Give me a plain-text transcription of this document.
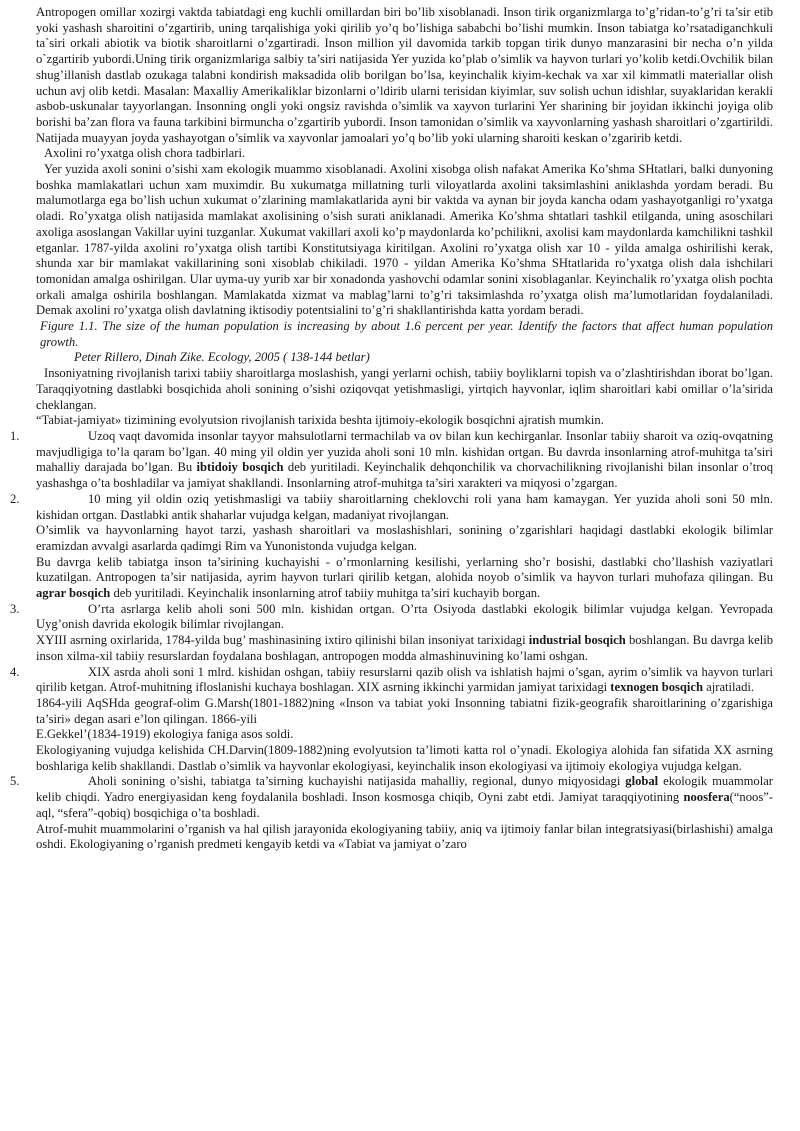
Antropogen omillar xozirgi vaktda tabiatdagi eng kuchli omillardan biri bo’lib xisoblanadi. Inson tirik organizmlarga to’g’ridan-to’g’ri ta’sir etib yoki yashash sharoitini o’zgartirib, uning tarqalishiga yoki qirilib yo’q bo’lishiga sababchi bo’lishi mumkin. Inson tabiatga ko’rsatadiganchkuli ta`siri orkali abiotik va biotik sharoitlarni o’zgartiradi. Inson million yil davomida tarkib topgan tirik dunyo manzarasini bir necha o’n yilda o`zgartirib yubordi.Uning tirik organizmlariga salbiy ta’siri natijasida Yer yuzida ko’plab o’simlik va hayvon turlari yo’kolib ketdi.Ovchilik bilan shug’illanish dastlab ozukaga talabni kondirish maksadida olib borilgan bo’lsa, keyinchalik kiyim-kechak va xar xil kimmatli materiallar olish uchun avj olib ketdi. Masalan: Maxalliy Amerikaliklar bizonlarni o’ldirib ularni terisidan kiyimlar, suv solish uchun idishlar, suyaklaridan kerakli asbob-uskunalar tayyorlangan. Insonning ongli yoki ongsiz ravishda o’simlik va xayvon turlarini Yer sharining bir joyidan ikkinchi joyiga olib borishi ba’zan flora va fauna tarkibini birmuncha o’zgartirib yubordi. Inson tamonidan o’simlik va xayvonlarning yashash sharoitlari o’zgartirildi. Natijada muayyan joyda yashayotgan o’simlik va xayvonlar jamoalari yo’q bo’lib yoki ularning sharoiti keskan o’zgaririb ketdi.

Axolini ro’yxatga olish chora tadbirlari.

Yer yuzida axoli sonini o’sishi xam ekologik muammo xisoblanadi. Axolini xisobga olish nafakat Amerika Ko’shma SHtatlari, balki dunyoning boshka mamlakatlari uchun xam muximdir. Bu xukumatga millatning turli viloyatlarda axolini taksimlashini aniklashda yordam beradi. Bu malumotlarga ega bo’lish uchun xukumat o’zlarining mamlakatlarida ayni bir vaktda va aynan bir joyda kancha odam yashayotganligi ro’yxatga oladi. Ro’yxatga olish natijasida mamlakat axolisining o’sish surati aniklanadi. Amerika Ko’shma shtatlari tashkil etilganda, uning asoschilari axoliga asoslangan Vakillar uyini tuzganlar. Xukumat vakillari axoli ko’p maydonlarda ko’pchilikni, axolisi kam maydonlarda kamchilikni tashkil etganlar. 1787-yilda axolini ro’yxatga olish tartibi Konstitutsiyaga kiritilgan. Axolini ro’yxatga olish xar 10 - yilda amalga oshirilishi kerak, shunda xar bir mamlakat vakillarining soni xisoblab chikiladi. 1970 - yildan Amerika Ko’shma SHtatlarida ro’yxatga olish dala ishchilari tomonidan amalga oshirilgan. Ular uyma-uy yurib xar bir xonadonda yashovchi odamlar sonini xisoblaganlar. Keyinchalik ro’yxatga olish pochta orkali amalga oshirila boshlangan. Mamlakatda xizmat va mablag’larni to’g’ri taksimlashda ro’yxatga olish ma’lumotlaridan foydalaniladi. Demak axolini ro’yxatga olish davlatning iktisodiy potentsialini to’g’ri shakllantirishda katta yordam beradi.

Figure 1.1. The size of the human population is increasing by about 1.6 percent per year. Identify the factors that affect human population growth.

Peter Rillero, Dinah Zike. Ecology, 2005 ( 138-144 betlar)

Insoniyatning rivojlanish tarixi tabiiy sharoitlarga moslashish, yangi yerlarni ochish, tabiiy boyliklarni topish va o’zlashtirishdan iborat bo’lgan. Taraqqiyotning dastlabki bosqichida aholi sonining o’sishi oziqovqat yetishmasligi, yirtqich hayvonlar, iqlim sharoitlari kabi omillar o’la’sirida cheklangan.

“Tabiat-jamiyat» tizimining evolyutsion rivojlanish tarixida beshta ijtimoiy-ekologik bosqichni ajratish mumkin.

1.	Uzoq vaqt davomida insonlar tayyor mahsulotlarni termachilab va ov bilan kun kechirganlar. Insonlar tabiiy sharoit va oziq-ovqatning mavjudligiga to’la qaram bo’lgan. 40 ming yil oldin yer yuzida aholi soni 10 mln. kishidan ortgan. Bu davrda insonlarning atrof-muhitga ta’siri mahalliy darajada bo’lgan. Bu ibtidoiy bosqich deb yuritiladi. Keyinchalik dehqonchilik va chorvachilikning rivojlanishi bilan insonlar o’troq yashashga o’ta boshladilar va jamiyat shakllandi. Insonlarning atrof-muhitga ta’siri xarakteri va miqyosi o’zgargan.

2.	10 ming yil oldin oziq yetishmasligi va tabiiy sharoitlarning cheklovchi roli yana ham kamaygan. Yer yuzida aholi soni 50 mln. kishidan ortgan. Dastlabki antik shaharlar vujudga kelgan, madaniyat rivojlangan.

O’simlik va hayvonlarning hayot tarzi, yashash sharoitlari va moslashishlari, sonining o’zgarishlari haqidagi dastlabki ekologik bilimlar eramizdan avvalgi asarlarda qadimgi Rim va Yunonistonda vujudga kelgan.

Bu davrga kelib tabiatga inson ta’sirining kuchayishi - o’rmonlarning kesilishi, yerlarning sho’r bosishi, dastlabki cho’llashish vaziyatlari kuzatilgan. Antropogen ta’sir natijasida, ayrim hayvon turlari qirilib ketgan, alohida noyob o’simlik va hayvon turlari muhofaza qilingan. Bu agrar bosqich deb yuritiladi. Keyinchalik insonlarning atrof tabiiy muhitga ta’siri kuchayib borgan.

3.	O’rta asrlarga kelib aholi soni 500 mln. kishidan ortgan. O’rta Osiyoda dastlabki ekologik bilimlar vujudga kelgan. Yevropada Uyg’onish davrida ekologik bilimlar rivojlangan.

XYIII asrning oxirlarida, 1784-yilda bug’ mashinasining ixtiro qilinishi bilan insoniyat tarixidagi industrial bosqich boshlangan. Bu davrga kelib inson xilma-xil tabiiy resurslardan foydalana boshlagan, antropogen modda almashinuvining ko’lami oshgan.

4.	XIX asrda aholi soni 1 mlrd. kishidan oshgan, tabiiy resurslarni qazib olish va ishlatish hajmi o’sgan, ayrim o’simlik va hayvon turlari qirilib ketgan. Atrof-muhitning ifloslanishi kuchaya boshlagan. XIX asrning ikkinchi yarmidan jamiyat tarixidagi texnogen bosqich ajratiladi.

1864-yili AqSHda geograf-olim G.Marsh(1801-1882)ning «Inson va tabiat yoki Insonning tabiatni fizik-geografik sharoitlarining o’zgarishiga ta’siri» degan asari e’lon qilingan. 1866-yili

E.Gekkel’(1834-1919) ekologiya faniga asos soldi.

Ekologiyaning vujudga kelishida CH.Darvin(1809-1882)ning evolyutsion ta’limoti katta rol o’ynadi. Ekologiya alohida fan sifatida XX asrning boshlariga kelib shakllandi. Dastlab o’simlik va hayvonlar ekologiyasi, keyinchalik inson ekologiyasi va ijtimoiy ekologiya vujudga kelgan.

5.	Aholi sonining o’sishi, tabiatga ta’sirning kuchayishi natijasida mahalliy, regional, dunyo miqyosidagi global ekologik muammolar kelib chiqdi. Yadro energiyasidan keng foydalanila boshladi. Inson kosmosga chiqib, Oyni zabt etdi. Jamiyat taraqqiyotining noosfera(“noos”-aql, “sfera”-qobiq) bosqichiga o’ta boshladi.

Atrof-muhit muammolarini o’rganish va hal qilish jarayonida ekologiyaning tabiiy, aniq va ijtimoiy fanlar bilan integratsiyasi(birlashishi) amalga oshdi. Ekologiyaning o’rganish predmeti kengayib ketdi va «Tabiat va jamiyat o’zaro
